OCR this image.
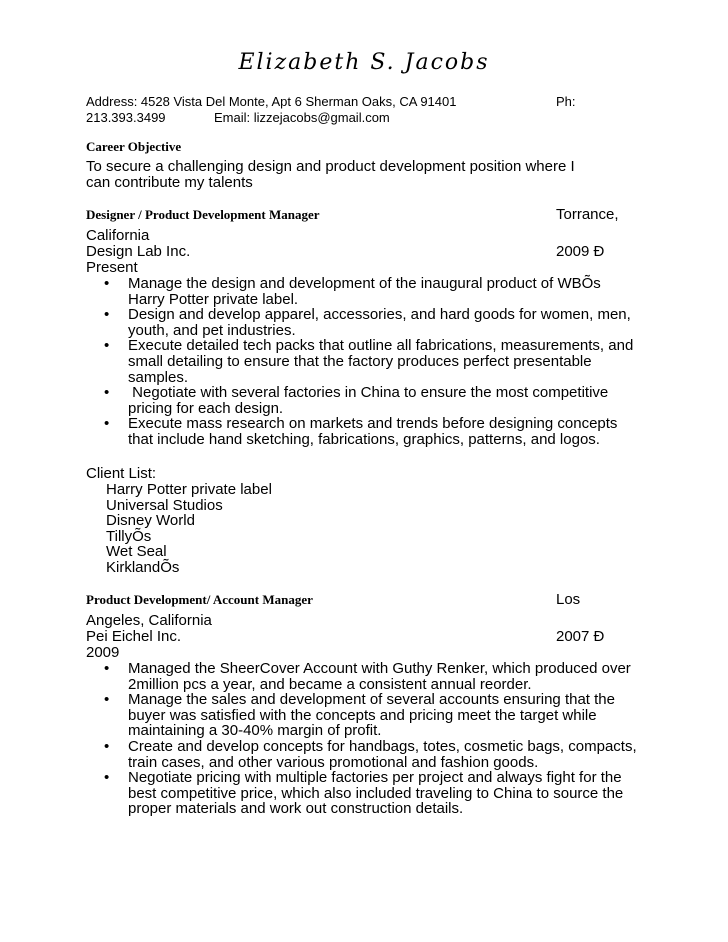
Elizabeth S. Jacobs
Address: 4528 Vista Del Monte, Apt 6 Sherman Oaks, CA 91401	Ph:
213.393.3499	Email: lizzejacobs@gmail.com
Career Objective
To secure a challenging design and product development position where I
can contribute my talents
Designer / Product Development Manager	Torrance,
California
Design Lab Inc.	2009 Ð
Present
• Manage the design and development of the inaugural product of WBÕs Harry Potter private label.
• Design and develop apparel, accessories, and hard goods for women, men, youth, and pet industries.
• Execute detailed tech packs that outline all fabrications, measurements, and small detailing to ensure that the factory produces perfect presentable samples.
• Negotiate with several factories in China to ensure the most competitive pricing for each design.
• Execute mass research on markets and trends before designing concepts that include hand sketching, fabrications, graphics, patterns, and logos.
Client List:
Harry Potter private label
Universal Studios
Disney World
TillyÕs
Wet Seal
KirklandÕs
Product Development/ Account Manager	Los
Angeles, California
Pei Eichel Inc.	2007 Ð
2009
• Managed the SheerCover Account with Guthy Renker, which produced over 2million pcs a year, and became a consistent annual reorder.
• Manage the sales and development of several accounts ensuring that the buyer was satisfied with the concepts and pricing meet the target while maintaining a 30-40% margin of profit.
• Create and develop concepts for handbags, totes, cosmetic bags, compacts, train cases, and other various promotional and fashion goods.
• Negotiate pricing with multiple factories per project and always fight for the best competitive price, which also included traveling to China to source the proper materials and work out construction details.
